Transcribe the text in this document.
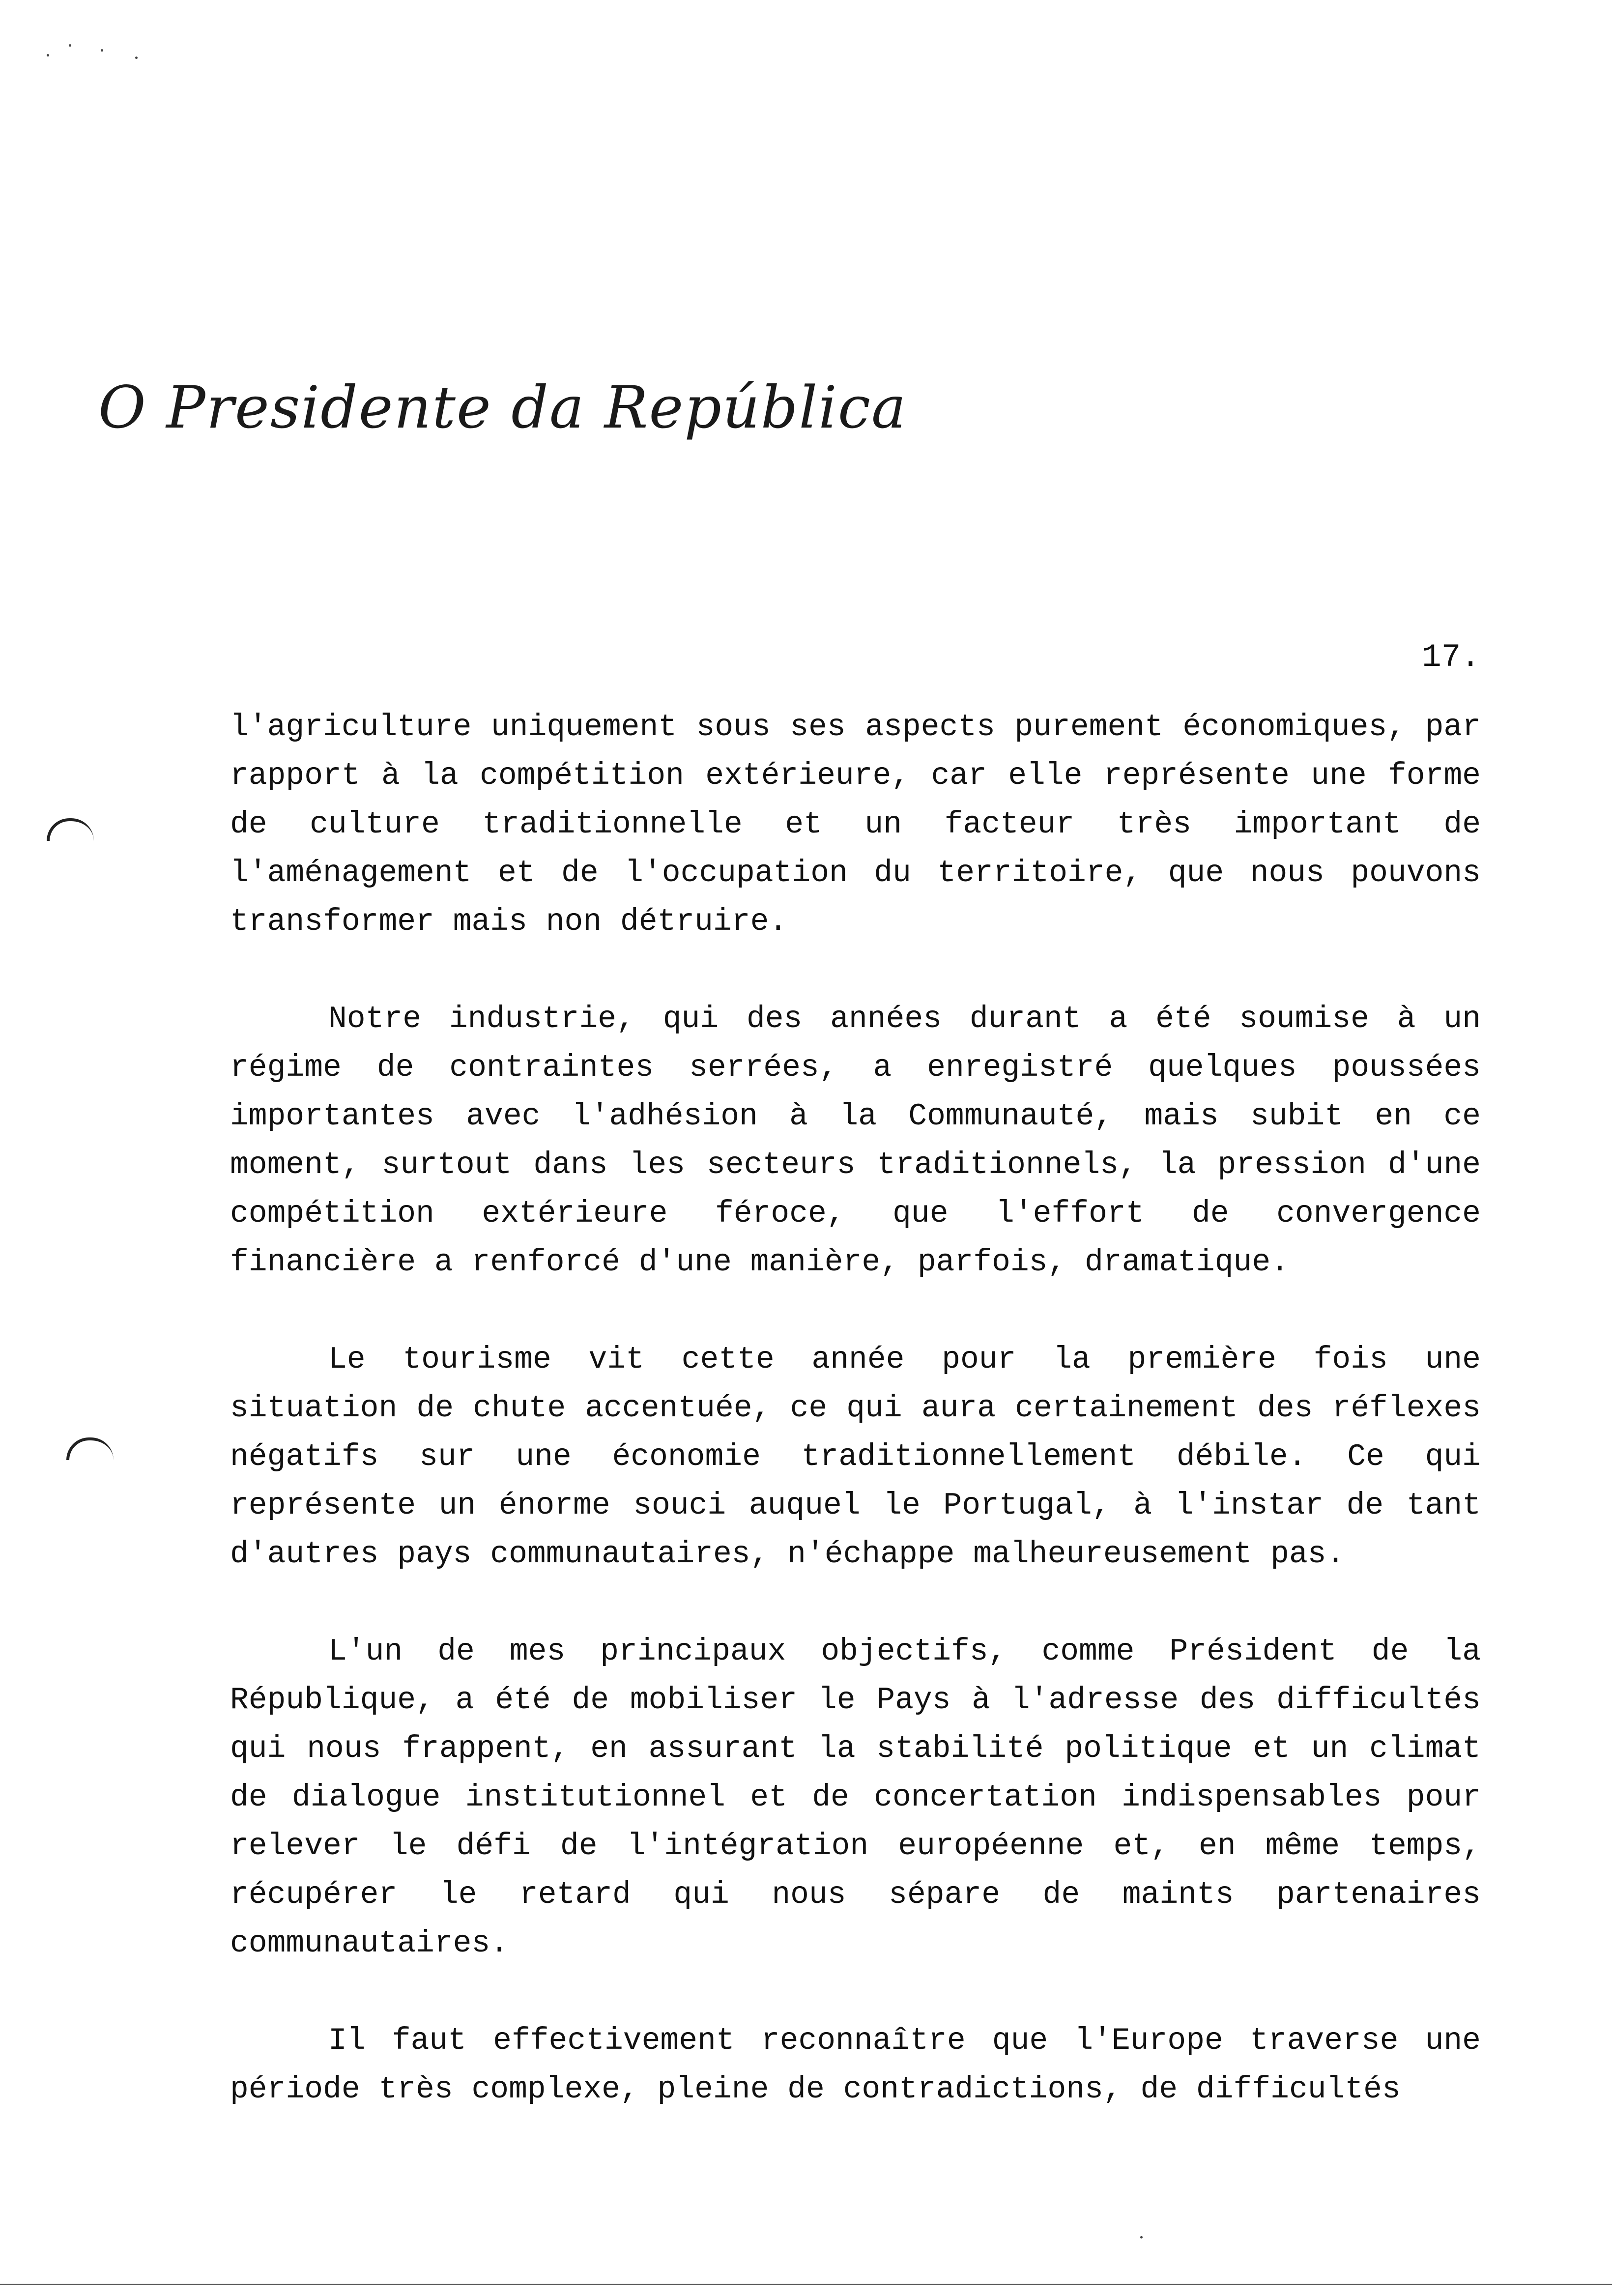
O Presidente da República
17.

l'agriculture uniquement sous ses aspects purement économiques, par rapport à la compétition extérieure, car elle représente une forme de culture traditionnelle et un facteur très important de l'aménagement et de l'occupation du territoire, que nous pouvons transformer mais non détruire.

Notre industrie, qui des années durant a été soumise à un régime de contraintes serrées, a enregistré quelques poussées importantes avec l'adhésion à la Communauté, mais subit en ce moment, surtout dans les secteurs traditionnels, la pression d'une compétition extérieure féroce, que l'effort de convergence financière a renforcé d'une manière, parfois, dramatique.

Le tourisme vit cette année pour la première fois une situation de chute accentuée, ce qui aura certainement des réflexes négatifs sur une économie traditionnellement débile. Ce qui représente un énorme souci auquel le Portugal, à l'instar de tant d'autres pays communautaires, n'échappe malheureusement pas.

L'un de mes principaux objectifs, comme Président de la République, a été de mobiliser le Pays à l'adresse des difficultés qui nous frappent, en assurant la stabilité politique et un climat de dialogue institutionnel et de concertation indispensables pour relever le défi de l'intégration européenne et, en même temps, récupérer le retard qui nous sépare de maints partenaires communautaires.

Il faut effectivement reconnaître que l'Europe traverse une période très complexe, pleine de contradictions, de difficultés
